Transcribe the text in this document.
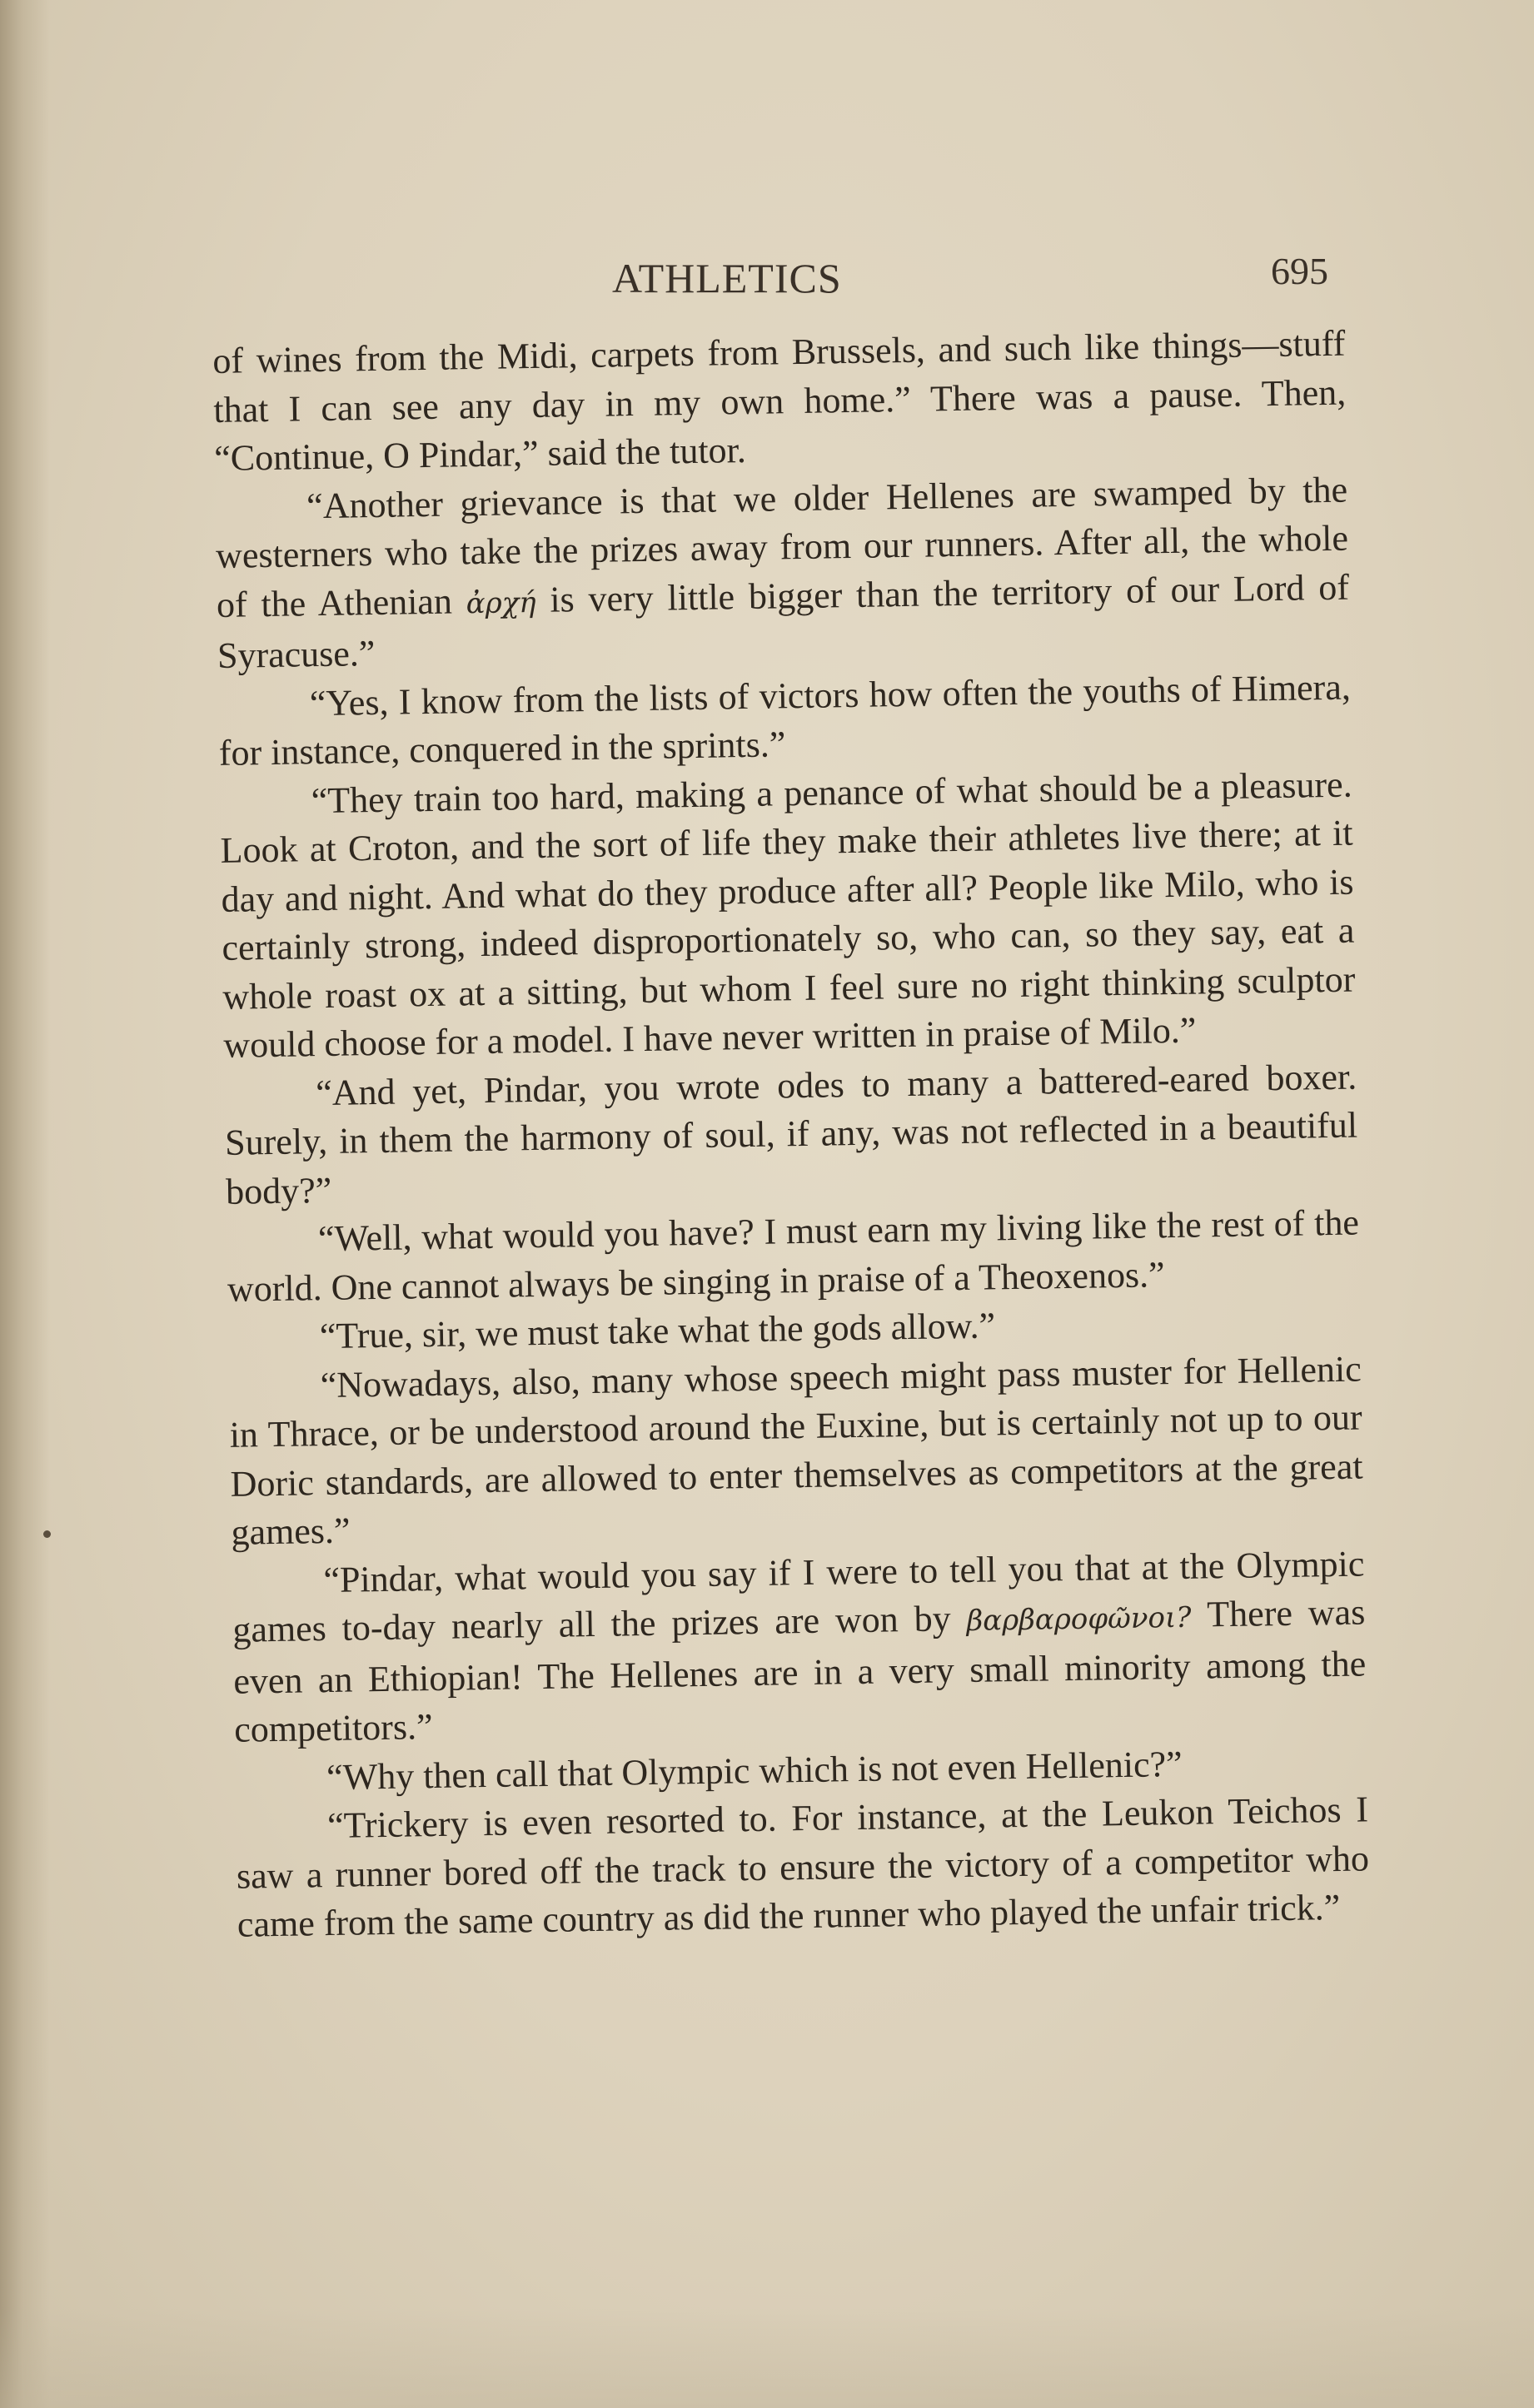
ATHLETICS	695

of wines from the Midi, carpets from Brussels, and such like things—stuff that I can see any day in my own home.” There was a pause. Then, “Continue, O Pindar,” said the tutor.

“Another grievance is that we older Hellenes are swamped by the westerners who take the prizes away from our runners. After all, the whole of the Athenian ἀρχή is very little bigger than the territory of our Lord of Syracuse.”

“Yes, I know from the lists of victors how often the youths of Himera, for instance, conquered in the sprints.”

“They train too hard, making a penance of what should be a pleasure. Look at Croton, and the sort of life they make their athletes live there; at it day and night. And what do they produce after all? People like Milo, who is certainly strong, indeed disproportionately so, who can, so they say, eat a whole roast ox at a sitting, but whom I feel sure no right thinking sculptor would choose for a model. I have never written in praise of Milo.”

“And yet, Pindar, you wrote odes to many a battered-eared boxer. Surely, in them the harmony of soul, if any, was not reflected in a beautiful body?”

“Well, what would you have? I must earn my living like the rest of the world. One cannot always be singing in praise of a Theoxenos.”

“True, sir, we must take what the gods allow.”

“Nowadays, also, many whose speech might pass muster for Hellenic in Thrace, or be understood around the Euxine, but is certainly not up to our Doric standards, are allowed to enter themselves as competitors at the great games.”

“Pindar, what would you say if I were to tell you that at the Olympic games to-day nearly all the prizes are won by βαρβαροφῶνοι? There was even an Ethiopian! The Hellenes are in a very small minority among the competitors.”

“Why then call that Olympic which is not even Hellenic?”

“Trickery is even resorted to. For instance, at the Leukon Teichos I saw a runner bored off the track to ensure the victory of a competitor who came from the same country as did the runner who played the unfair trick.”
